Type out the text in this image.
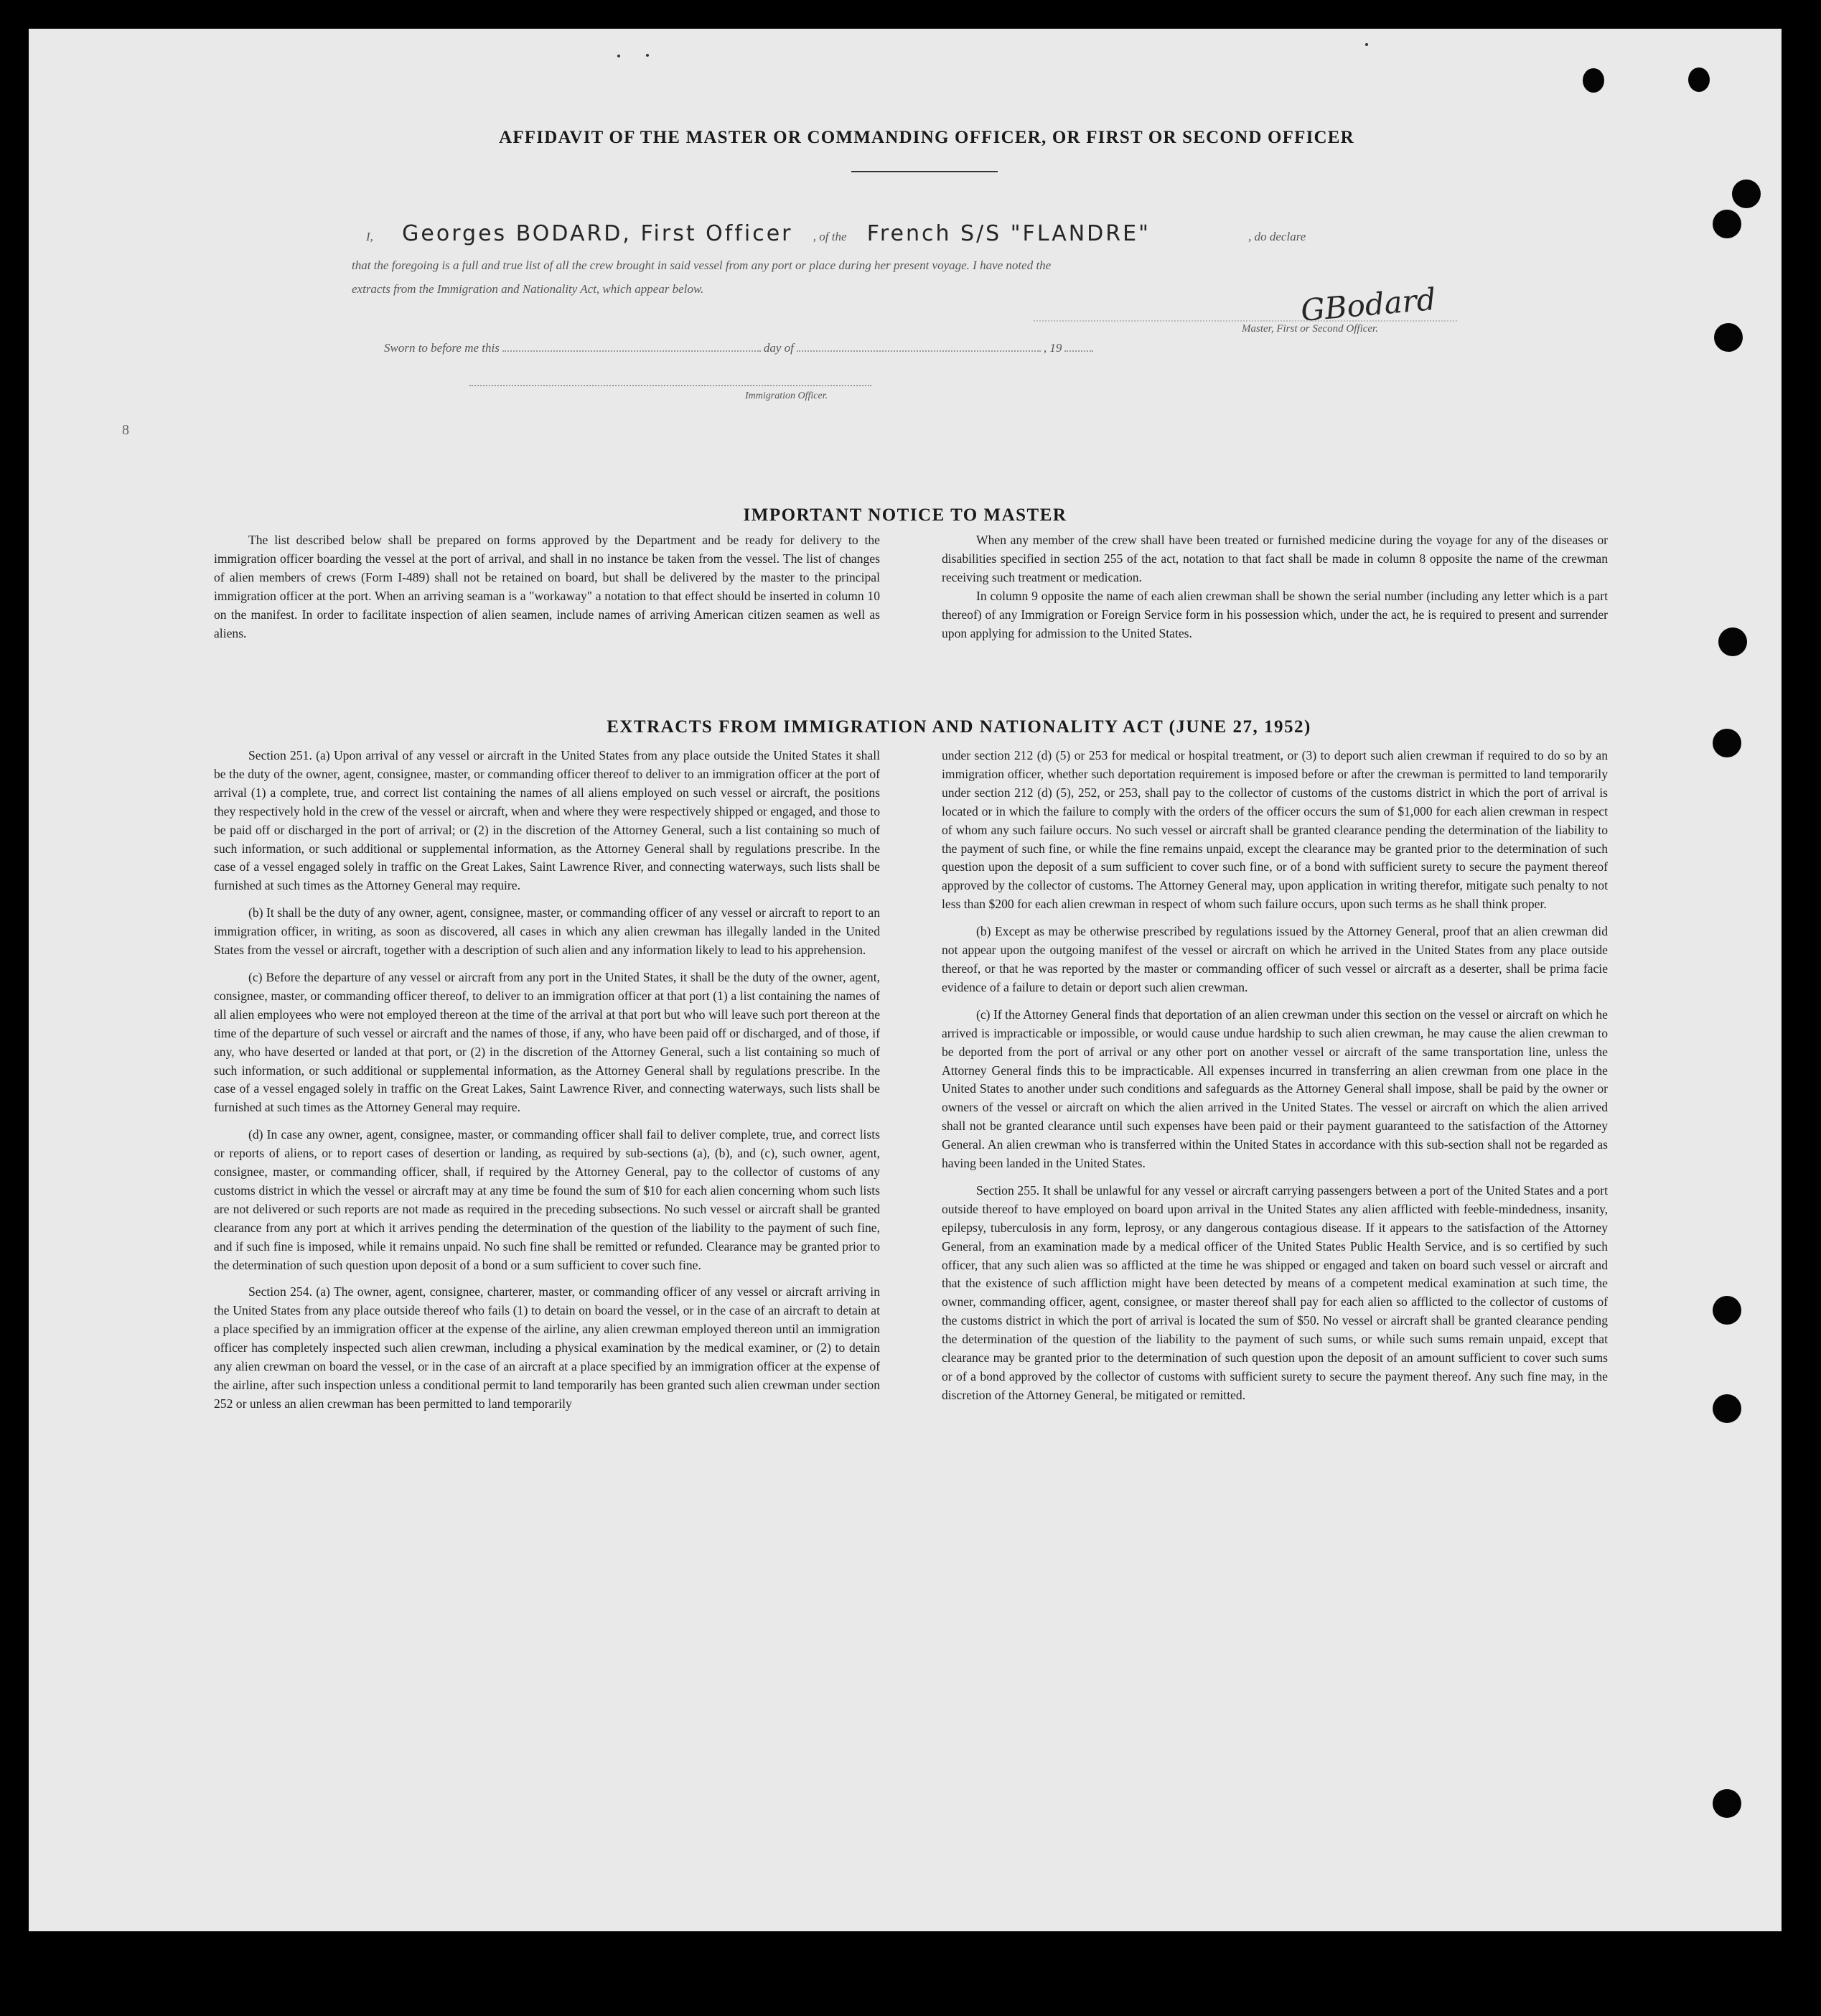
AFFIDAVIT OF THE MASTER OR COMMANDING OFFICER, OR FIRST OR SECOND OFFICER
I, Georges BODARD, First Officer , of the French S/S "FLANDRE"	, do declare
that the foregoing is a full and true list of all the crew brought in said vessel from any port or place during her present voyage. I have noted the
extracts from the Immigration and Nationality Act, which appear below.	GBodard
Master, First or Second Officer.
Sworn to before me this	day of	, 19
Immigration Officer.
8
IMPORTANT NOTICE TO MASTER

The list described below shall be prepared on forms approved by the Department and be ready for delivery to the immigration officer boarding the vessel at the port of arrival, and shall in no instance be taken from the vessel. The list of changes of alien members of crews (Form I-489) shall not be retained on board, but shall be delivered by the master to the principal immigration officer at the port. When an arriving seaman is a "workaway" a notation to that effect should be inserted in column 10 on the manifest. In order to facilitate inspection of alien seamen, include names of arriving American citizen seamen as well as aliens.

When any member of the crew shall have been treated or furnished medicine during the voyage for any of the diseases or disabilities specified in section 255 of the act, notation to that fact shall be made in column 8 opposite the name of the crewman receiving such treatment or medication.

In column 9 opposite the name of each alien crewman shall be shown the serial number (including any letter which is a part thereof) of any Immigration or Foreign Service form in his possession which, under the act, he is required to present and surrender upon applying for admission to the United States.

EXTRACTS FROM IMMIGRATION AND NATIONALITY ACT (JUNE 27, 1952)

Section 251. (a) Upon arrival of any vessel or aircraft in the United States from any place outside the United States it shall be the duty of the owner, agent, consignee, master, or commanding officer thereof to deliver to an immigration officer at the port of arrival (1) a complete, true, and correct list containing the names of all aliens employed on such vessel or aircraft, the positions they respectively hold in the crew of the vessel or aircraft, when and where they were respectively shipped or engaged, and those to be paid off or discharged in the port of arrival; or (2) in the discretion of the Attorney General, such a list containing so much of such information, or such additional or supplemental information, as the Attorney General shall by regulations prescribe. In the case of a vessel engaged solely in traffic on the Great Lakes, Saint Lawrence River, and connecting waterways, such lists shall be furnished at such times as the Attorney General may require.

(b) It shall be the duty of any owner, agent, consignee, master, or commanding officer of any vessel or aircraft to report to an immigration officer, in writing, as soon as discovered, all cases in which any alien crewman has illegally landed in the United States from the vessel or aircraft, together with a description of such alien and any information likely to lead to his apprehension.

(c) Before the departure of any vessel or aircraft from any port in the United States, it shall be the duty of the owner, agent, consignee, master, or commanding officer thereof, to deliver to an immigration officer at that port (1) a list containing the names of all alien employees who were not employed thereon at the time of the arrival at that port but who will leave such port thereon at the time of the departure of such vessel or aircraft and the names of those, if any, who have been paid off or discharged, and of those, if any, who have deserted or landed at that port, or (2) in the discretion of the Attorney General, such a list containing so much of such information, or such additional or supplemental information, as the Attorney General shall by regulations prescribe. In the case of a vessel engaged solely in traffic on the Great Lakes, Saint Lawrence River, and connecting waterways, such lists shall be furnished at such times as the Attorney General may require.

(d) In case any owner, agent, consignee, master, or commanding officer shall fail to deliver complete, true, and correct lists or reports of aliens, or to report cases of desertion or landing, as required by sub-sections (a), (b), and (c), such owner, agent, consignee, master, or commanding officer, shall, if required by the Attorney General, pay to the collector of customs of any customs district in which the vessel or aircraft may at any time be found the sum of $10 for each alien concerning whom such lists are not delivered or such reports are not made as required in the preceding subsections. No such vessel or aircraft shall be granted clearance from any port at which it arrives pending the determination of the question of the liability to the payment of such fine, and if such fine is imposed, while it remains unpaid. No such fine shall be remitted or refunded. Clearance may be granted prior to the determination of such question upon deposit of a bond or a sum sufficient to cover such fine.

Section 254. (a) The owner, agent, consignee, charterer, master, or commanding officer of any vessel or aircraft arriving in the United States from any place outside thereof who fails (1) to detain on board the vessel, or in the case of an aircraft to detain at a place specified by an immigration officer at the expense of the airline, any alien crewman employed thereon until an immigration officer has completely inspected such alien crewman, including a physical examination by the medical examiner, or (2) to detain any alien crewman on board the vessel, or in the case of an aircraft at a place specified by an immigration officer at the expense of the airline, after such inspection unless a conditional permit to land temporarily has been granted such alien crewman under section 252 or unless an alien crewman has been permitted to land temporarily

under section 212 (d) (5) or 253 for medical or hospital treatment, or (3) to deport such alien crewman if required to do so by an immigration officer, whether such deportation requirement is imposed before or after the crewman is permitted to land temporarily under section 212 (d) (5), 252, or 253, shall pay to the collector of customs of the customs district in which the port of arrival is located or in which the failure to comply with the orders of the officer occurs the sum of $1,000 for each alien crewman in respect of whom any such failure occurs. No such vessel or aircraft shall be granted clearance pending the determination of the liability to the payment of such fine, or while the fine remains unpaid, except the clearance may be granted prior to the determination of such question upon the deposit of a sum sufficient to cover such fine, or of a bond with sufficient surety to secure the payment thereof approved by the collector of customs. The Attorney General may, upon application in writing therefor, mitigate such penalty to not less than $200 for each alien crewman in respect of whom such failure occurs, upon such terms as he shall think proper.

(b) Except as may be otherwise prescribed by regulations issued by the Attorney General, proof that an alien crewman did not appear upon the outgoing manifest of the vessel or aircraft on which he arrived in the United States from any place outside thereof, or that he was reported by the master or commanding officer of such vessel or aircraft as a deserter, shall be prima facie evidence of a failure to detain or deport such alien crewman.

(c) If the Attorney General finds that deportation of an alien crewman under this section on the vessel or aircraft on which he arrived is impracticable or impossible, or would cause undue hardship to such alien crewman, he may cause the alien crewman to be deported from the port of arrival or any other port on another vessel or aircraft of the same transportation line, unless the Attorney General finds this to be impracticable. All expenses incurred in transferring an alien crewman from one place in the United States to another under such conditions and safeguards as the Attorney General shall impose, shall be paid by the owner or owners of the vessel or aircraft on which the alien arrived in the United States. The vessel or aircraft on which the alien arrived shall not be granted clearance until such expenses have been paid or their payment guaranteed to the satisfaction of the Attorney General. An alien crewman who is transferred within the United States in accordance with this sub-section shall not be regarded as having been landed in the United States.

Section 255. It shall be unlawful for any vessel or aircraft carrying passengers between a port of the United States and a port outside thereof to have employed on board upon arrival in the United States any alien afflicted with feeble-mindedness, insanity, epilepsy, tuberculosis in any form, leprosy, or any dangerous contagious disease. If it appears to the satisfaction of the Attorney General, from an examination made by a medical officer of the United States Public Health Service, and is so certified by such officer, that any such alien was so afflicted at the time he was shipped or engaged and taken on board such vessel or aircraft and that the existence of such affliction might have been detected by means of a competent medical examination at such time, the owner, commanding officer, agent, consignee, or master thereof shall pay for each alien so afflicted to the collector of customs of the customs district in which the port of arrival is located the sum of $50. No vessel or aircraft shall be granted clearance pending the determination of the question of the liability to the payment of such sums, or while such sums remain unpaid, except that clearance may be granted prior to the determination of such question upon the deposit of an amount sufficient to cover such sums or of a bond approved by the collector of customs with sufficient surety to secure the payment thereof. Any such fine may, in the discretion of the Attorney General, be mitigated or remitted.
